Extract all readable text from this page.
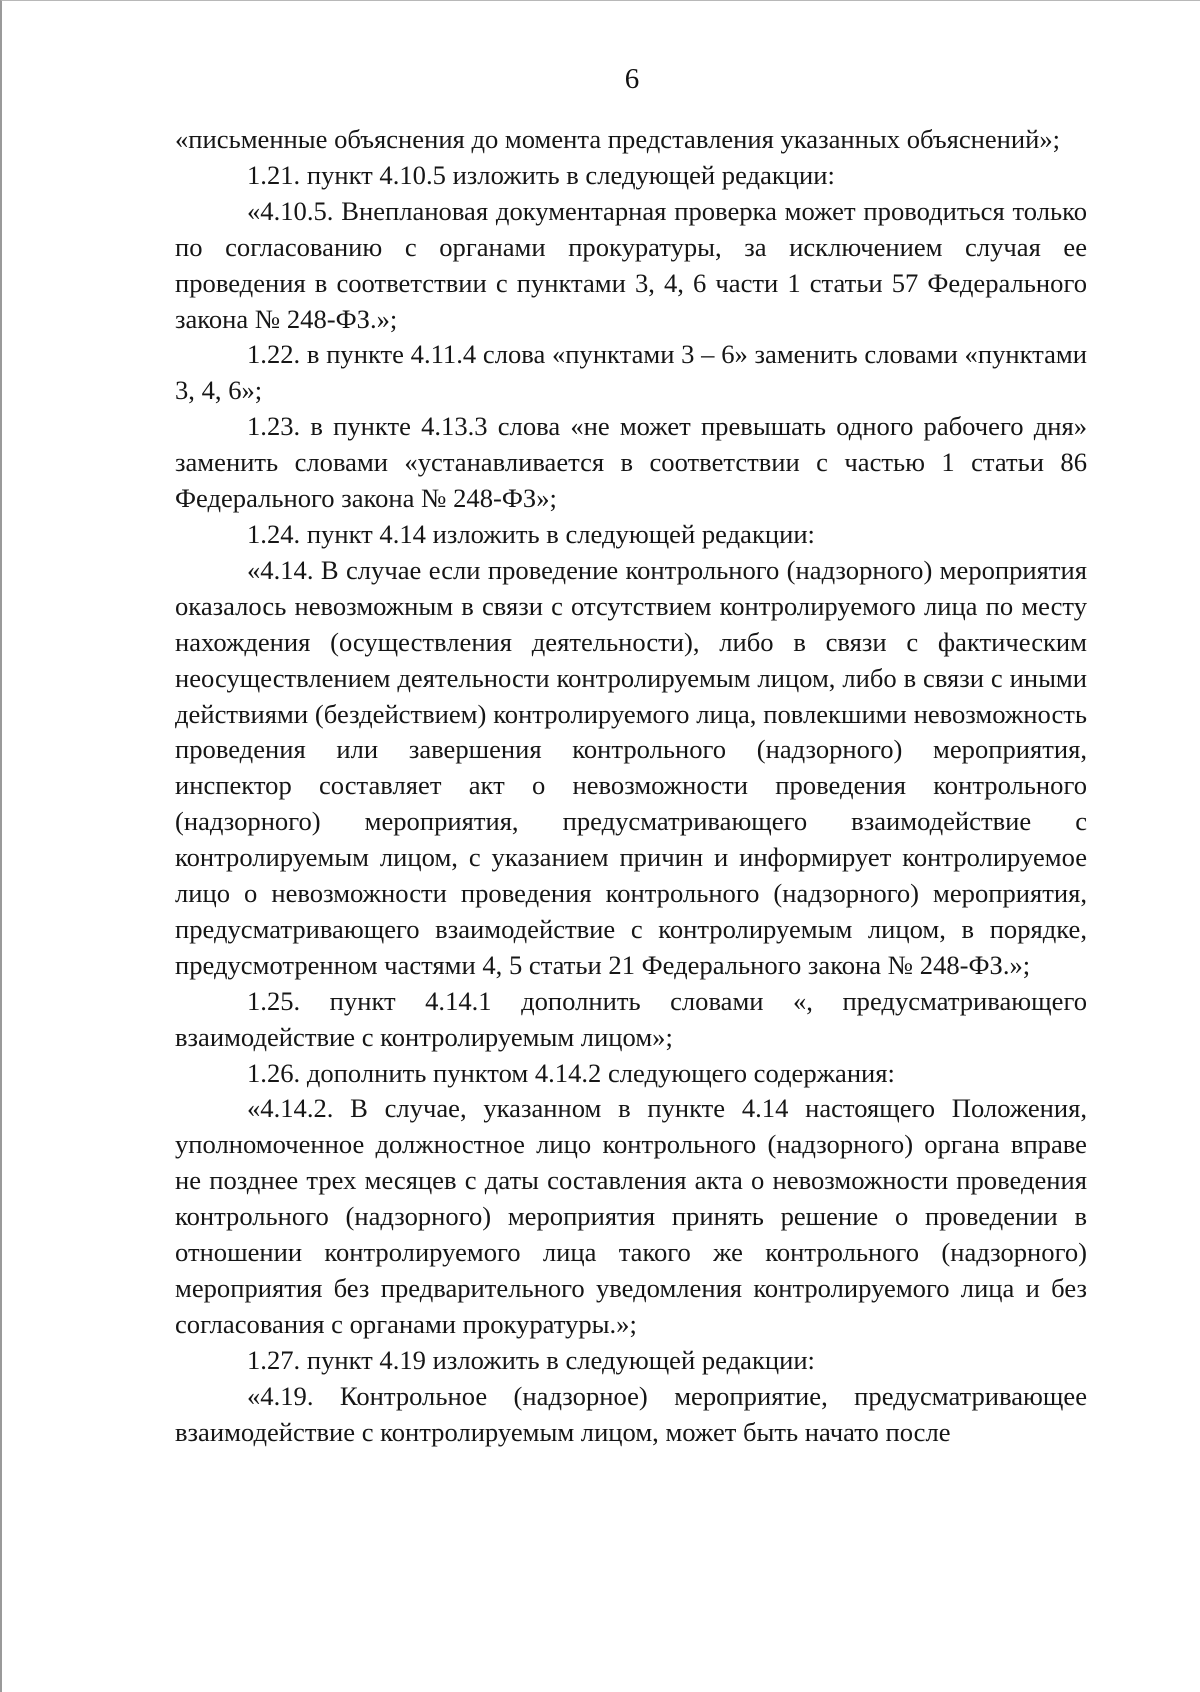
6

«письменные объяснения до момента представления указанных объяснений»;

1.21. пункт 4.10.5 изложить в следующей редакции:

«4.10.5. Внеплановая документарная проверка может проводиться только по согласованию с органами прокуратуры, за исключением случая ее проведения в соответствии с пунктами 3, 4, 6 части 1 статьи 57 Федерального закона № 248-ФЗ.»;

1.22. в пункте 4.11.4 слова «пунктами 3 – 6» заменить словами «пунктами 3, 4, 6»;

1.23. в пункте 4.13.3 слова «не может превышать одного рабочего дня» заменить словами «устанавливается в соответствии с частью 1 статьи 86 Федерального закона № 248-ФЗ»;

1.24. пункт 4.14 изложить в следующей редакции:

«4.14. В случае если проведение контрольного (надзорного) мероприятия оказалось невозможным в связи с отсутствием контролируемого лица по месту нахождения (осуществления деятельности), либо в связи с фактическим неосуществлением деятельности контролируемым лицом, либо в связи с иными действиями (бездействием) контролируемого лица, повлекшими невозможность проведения или завершения контрольного (надзорного) мероприятия, инспектор составляет акт о невозможности проведения контрольного (надзорного) мероприятия, предусматривающего взаимодействие с контролируемым лицом, с указанием причин и информирует контролируемое лицо о невозможности проведения контрольного (надзорного) мероприятия, предусматривающего взаимодействие с контролируемым лицом, в порядке, предусмотренном частями 4, 5 статьи 21 Федерального закона № 248-ФЗ.»;

1.25. пункт 4.14.1 дополнить словами «, предусматривающего взаимодействие с контролируемым лицом»;

1.26. дополнить пунктом 4.14.2 следующего содержания:

«4.14.2. В случае, указанном в пункте 4.14 настоящего Положения, уполномоченное должностное лицо контрольного (надзорного) органа вправе не позднее трех месяцев с даты составления акта о невозможности проведения контрольного (надзорного) мероприятия принять решение о проведении в отношении контролируемого лица такого же контрольного (надзорного) мероприятия без предварительного уведомления контролируемого лица и без согласования с органами прокуратуры.»;

1.27. пункт 4.19 изложить в следующей редакции:

«4.19. Контрольное (надзорное) мероприятие, предусматривающее взаимодействие с контролируемым лицом, может быть начато после
